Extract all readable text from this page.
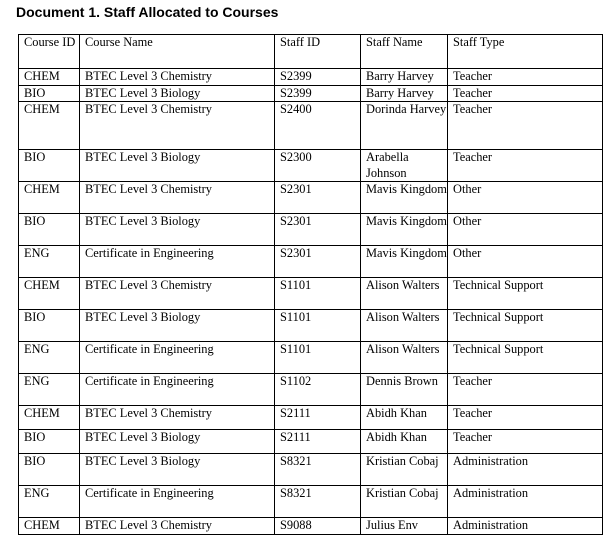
Document 1. Staff Allocated to Courses
Course ID	Course Name	Staff ID	Staff Name	Staff Type
CHEM	BTEC Level 3 Chemistry	S2399	Barry Harvey	Teacher
BIO	BTEC Level 3 Biology	S2399	Barry Harvey	Teacher
CHEM	BTEC Level 3 Chemistry	S2400	Dorinda Harvey	Teacher
BIO	BTEC Level 3 Biology	S2300	Arabella Johnson	Teacher
CHEM	BTEC Level 3 Chemistry	S2301	Mavis Kingdom	Other
BIO	BTEC Level 3 Biology	S2301	Mavis Kingdom	Other
ENG	Certificate in Engineering	S2301	Mavis Kingdom	Other
CHEM	BTEC Level 3 Chemistry	S1101	Alison Walters	Technical Support
BIO	BTEC Level 3 Biology	S1101	Alison Walters	Technical Support
ENG	Certificate in Engineering	S1101	Alison Walters	Technical Support
ENG	Certificate in Engineering	S1102	Dennis Brown	Teacher
CHEM	BTEC Level 3 Chemistry	S2111	Abidh Khan	Teacher
BIO	BTEC Level 3 Biology	S2111	Abidh Khan	Teacher
BIO	BTEC Level 3 Biology	S8321	Kristian Cobaj	Administration
ENG	Certificate in Engineering	S8321	Kristian Cobaj	Administration
CHEM	BTEC Level 3 Chemistry	S9088	Julius Env	Administration
